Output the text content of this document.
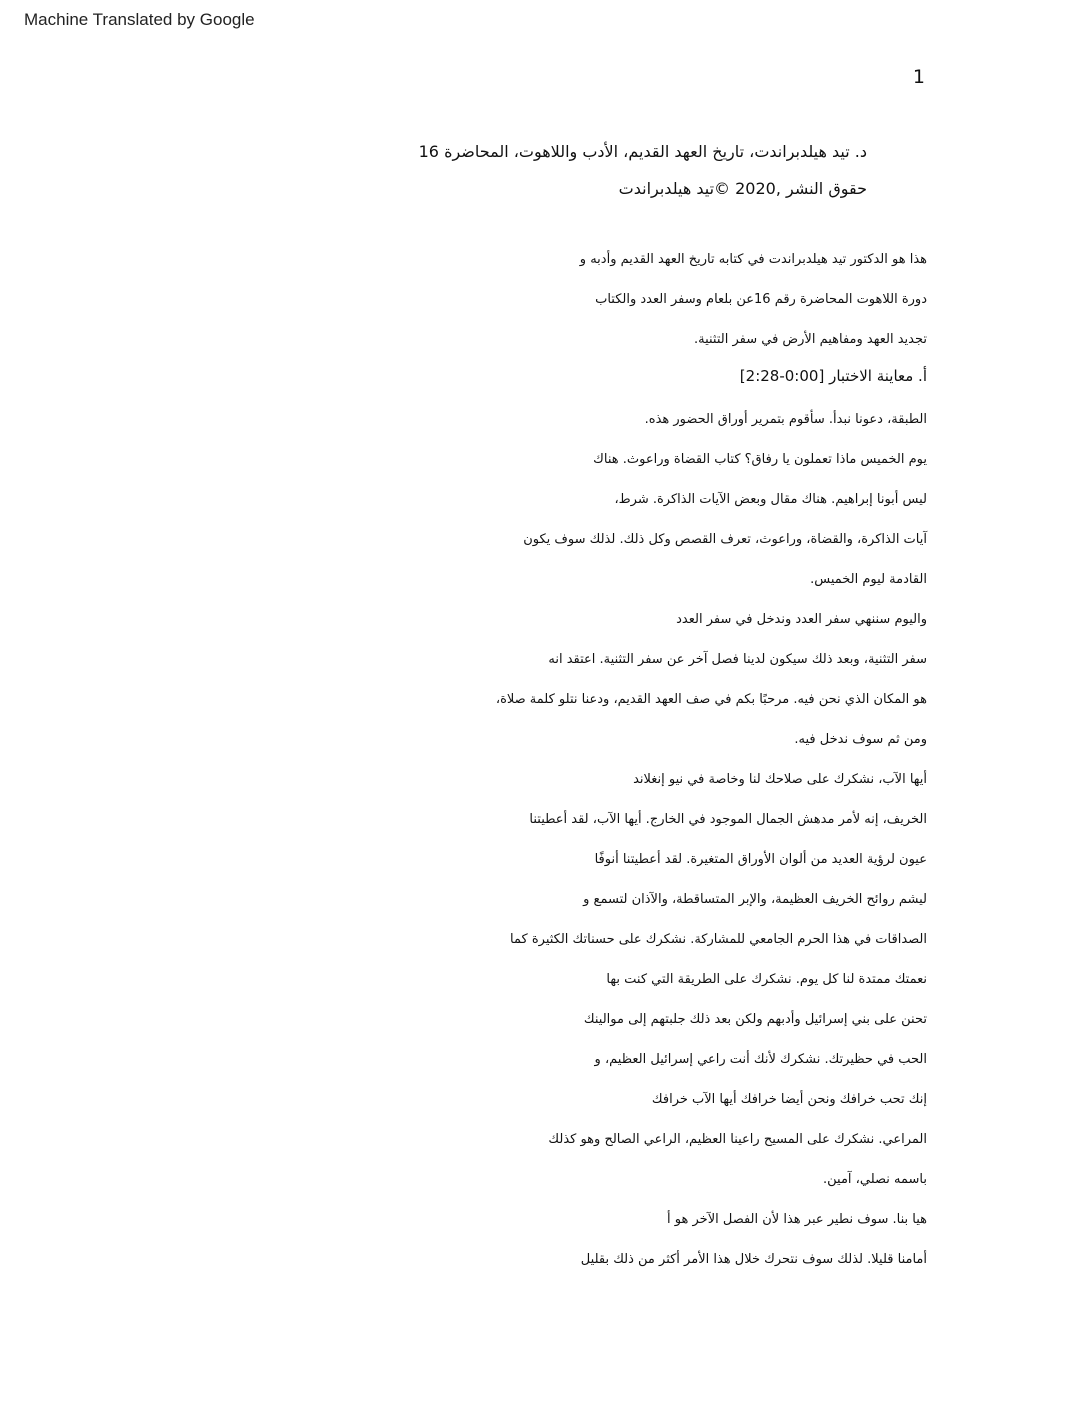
Machine Translated by Google
1
د. تيد هيلدبراندت، تاريخ العهد القديم، الأدب واللاهوت، المحاضرة 16
حقوق النشر ,2020 ©تيد هيلدبراندت
هذا هو الدكتور تيد هيلدبراندت في كتابه تاريخ العهد القديم وأدبه و
دورة اللاهوت المحاضرة رقم 16عن بلعام وسفر العدد والكتاب
تجديد العهد ومفاهيم الأرض في سفر التثنية.
أ. معاينة الاختبار [0:00-2:28]
الطبقة، دعونا نبدأ. سأقوم بتمرير أوراق الحضور هذه.
يوم الخميس ماذا تعملون يا رفاق؟ كتاب القضاة وراعوث. هناك
ليس أبونا إبراهيم. هناك مقال وبعض الآيات الذاكرة. شرط،
آيات الذاكرة، والقضاة، وراعوث، تعرف القصص وكل ذلك. لذلك سوف يكون
القادمة ليوم الخميس.
واليوم سننهي سفر العدد وندخل في سفر العدد
سفر التثنية، وبعد ذلك سيكون لدينا فصل آخر عن سفر التثنية. اعتقد انه
هو المكان الذي نحن فيه. مرحبًا بكم في صف العهد القديم، ودعنا نتلو كلمة صلاة،
ومن ثم سوف ندخل فيه.
أيها الآب، نشكرك على صلاحك لنا وخاصة في نيو إنغلاند
الخريف، إنه لأمر مدهش الجمال الموجود في الخارج. أيها الآب، لقد أعطيتنا
عيون لرؤية العديد من ألوان الأوراق المتغيرة. لقد أعطيتنا أنوفًا
ليشم روائح الخريف العظيمة، والإبر المتساقطة، والآذان لتسمع و
الصداقات في هذا الحرم الجامعي للمشاركة. نشكرك على حسناتك الكثيرة كما
نعمتك ممتدة لنا كل يوم. نشكرك على الطريقة التي كنت بها
تحنن على بني إسرائيل وأدبهم ولكن بعد ذلك جلبتهم إلى موالينك
الحب في حظيرتك. نشكرك لأنك أنت راعي إسرائيل العظيم، و
إنك تحب خرافك ونحن أيضا خرافك أيها الآب خرافك
المراعي. نشكرك على المسيح راعينا العظيم، الراعي الصالح وهو كذلك
باسمه نصلي، آمين.
هيا بنا. سوف نطير عبر هذا لأن الفصل الآخر هو أ
أمامنا قليلا. لذلك سوف نتحرك خلال هذا الأمر أكثر من ذلك بقليل
